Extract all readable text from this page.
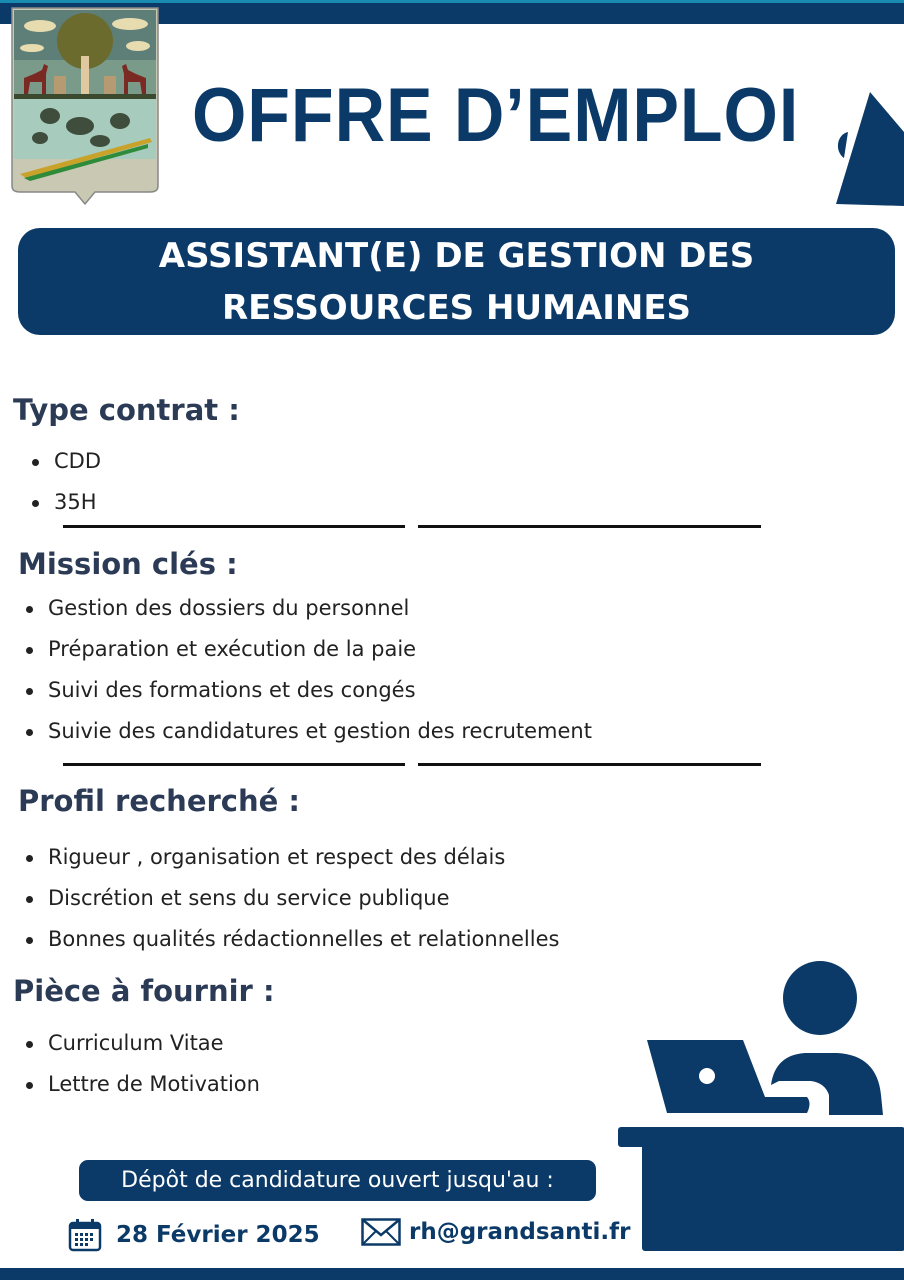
OFFRE D’EMPLOI
ASSISTANT(E) DE GESTION DES
RESSOURCES HUMAINES
Type contrat :
CDD
35H
Mission clés :
Gestion des dossiers du personnel
Préparation et exécution de la paie
Suivi des formations et des congés
Suivie des candidatures et gestion des recrutement
Profil recherché :
Rigueur , organisation et respect des délais
Discrétion et sens du service publique
Bonnes qualités rédactionnelles et relationnelles
Pièce à fournir :
Curriculum Vitae
Lettre de Motivation
Dépôt de candidature ouvert jusqu'au :
28 Février 2025	rh@grandsanti.fr
